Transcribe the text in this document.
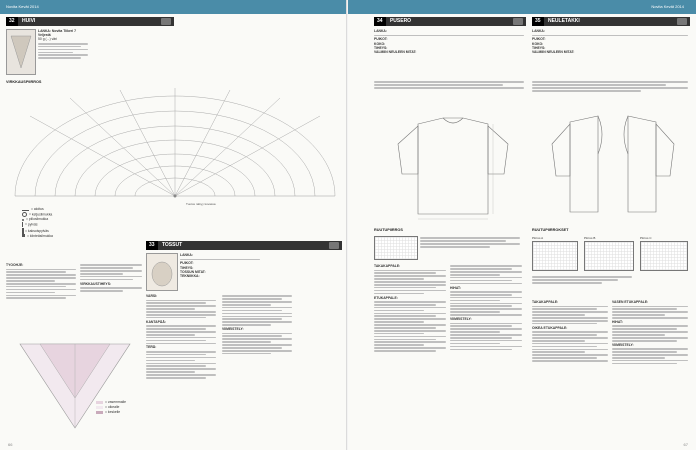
Novita Kevät 2014
32 HUIVI
LANKA: Novita Tiikeri 7 Veljestä
50 g (...) väri
VIRKKAUSPIIRROS
Tuotos näkyy kuvassa
= aloitus
= ketjusilmukka
= piilosilmukka
= pylväs
= kaksoispylväs
= kiinteäsilmukka
TYÖOHJE:
VIRKKAUSTIHEYS:
33 TOSSUT
LANKA:
PUIKOT:
TIHEYS:
TOSSUN MITAT:
TEKNIIKKA:
VARSI:
KANTAPÄÄ:
TERÄ:
VIIMEISTELY:
= vasemmalle
= oikealle
= keskelle
66
Novita Kevät 2014
34 PUSERO
LANKA:
PUIKOT:
KOKO:
TIHEYS:
VALMIIN NEULEEN MITAT:
RUUTUPIIRROS
TAKAKAPPALE:
ETUKAPPALE:
HIHAT:
VIIMEISTELY:
35 NEULETAKKI
LANKA:
PUIKOT:
KOKO:
TIHEYS:
VALMIIN NEULEEN MITAT:
RUUTUPIIRROKSET
Piirros A	Piirros B	Piirros C
TAKAKAPPALE:
OIKEA ETUKAPPALE:
VASEN ETUKAPPALE:
HIHAT:
VIIMEISTELY:
67
